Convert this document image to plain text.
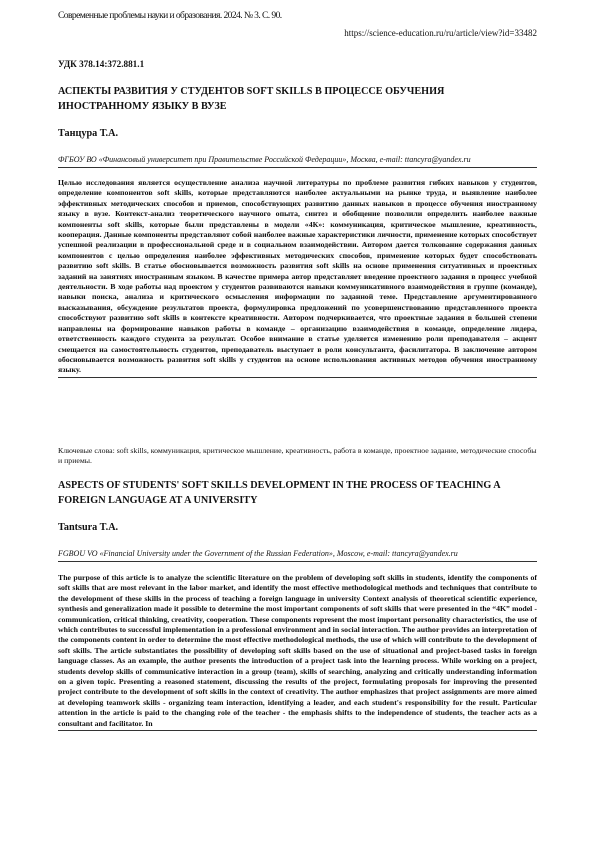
Современные проблемы науки и образования. 2024. № 3. С. 90.
https://science-education.ru/ru/article/view?id=33482
УДК 378.14:372.881.1

АСПЕКТЫ РАЗВИТИЯ У СТУДЕНТОВ SOFT SKILLS В ПРОЦЕССЕ ОБУЧЕНИЯ ИНОСТРАННОМУ ЯЗЫКУ В ВУЗЕ

Танцура Т.А.

ФГБОУ ВО «Финансовый университет при Правительстве Российской Федерации», Москва, e-mail: ttancyra@yandex.ru

Целью исследования является осуществление анализа научной литературы по проблеме развития гибких навыков у студентов, определение компонентов soft skills, которые представляются наиболее актуальными на рынке труда, и выявление наиболее эффективных методических способов и приемов, способствующих развитию данных навыков в процессе обучения иностранному языку в вузе. Контекст-анализ теоретического научного опыта, синтез и обобщение позволили определить наиболее важные компоненты soft skills, которые были представлены в модели «4К»: коммуникация, критическое мышление, креативность, кооперация. Данные компоненты представляют собой наиболее важные характеристики личности, применение которых способствует успешной реализации в профессиональной среде и в социальном взаимодействии. Автором дается толкование содержания данных компонентов с целью определения наиболее эффективных методических способов, применение которых будет способствовать развитию soft skills. В статье обосновывается возможность развития soft skills на основе применения ситуативных и проектных заданий на занятиях иностранным языком. В качестве примера автор представляет введение проектного задания в процесс учебной деятельности. В ходе работы над проектом у студентов развиваются навыки коммуникативного взаимодействия в группе (команде), навыки поиска, анализа и критического осмысления информации по заданной теме. Представление аргументированного высказывания, обсуждение результатов проекта, формулировка предложений по усовершенствованию представленного проекта способствуют развитию soft skills в контексте креативности. Автором подчеркивается, что проектные задания в большей степени направлены на формирование навыков работы в команде – организацию взаимодействия в команде, определение лидера, ответственность каждого студента за результат. Особое внимание в статье уделяется изменению роли преподавателя – акцент смещается на самостоятельность студентов, преподаватель выступает в роли консультанта, фасилитатора. В заключение автором обосновывается возможность развития soft skills у студентов на основе использования активных методов обучения иностранному языку.

Ключевые слова: soft skills, коммуникация, критическое мышление, креативность, работа в команде, проектное задание, методические способы и приемы.

ASPECTS OF STUDENTS' SOFT SKILLS DEVELOPMENT IN THE PROCESS OF TEACHING A FOREIGN LANGUAGE AT A UNIVERSITY

Tantsura T.A.

FGBOU VO «Financial University under the Government of the Russian Federation», Moscow, e-mail: ttancyra@yandex.ru

The purpose of this article is to analyze the scientific literature on the problem of developing soft skills in students, identify the components of soft skills that are most relevant in the labor market, and identify the most effective methodological methods and techniques that contribute to the development of these skills in the process of teaching a foreign language in university Context analysis of theoretical scientific experience, synthesis and generalization made it possible to determine the most important components of soft skills that were presented in the “4K” model - communication, critical thinking, creativity, cooperation. These components represent the most important personality characteristics, the use of which contributes to successful implementation in a professional environment and in social interaction. The author provides an interpretation of the components content in order to determine the most effective methodological methods, the use of which will contribute to the development of soft skills. The article substantiates the possibility of developing soft skills based on the use of situational and project-based tasks in foreign language classes. As an example, the author presents the introduction of a project task into the learning process. While working on a project, students develop skills of communicative interaction in a group (team), skills of searching, analyzing and critically understanding information on a given topic. Presenting a reasoned statement, discussing the results of the project, formulating proposals for improving the presented project contribute to the development of soft skills in the context of creativity. The author emphasizes that project assignments are more aimed at developing teamwork skills - organizing team interaction, identifying a leader, and each student's responsibility for the result. Particular attention in the article is paid to the changing role of the teacher - the emphasis shifts to the independence of students, the teacher acts as a consultant and facilitator. In
